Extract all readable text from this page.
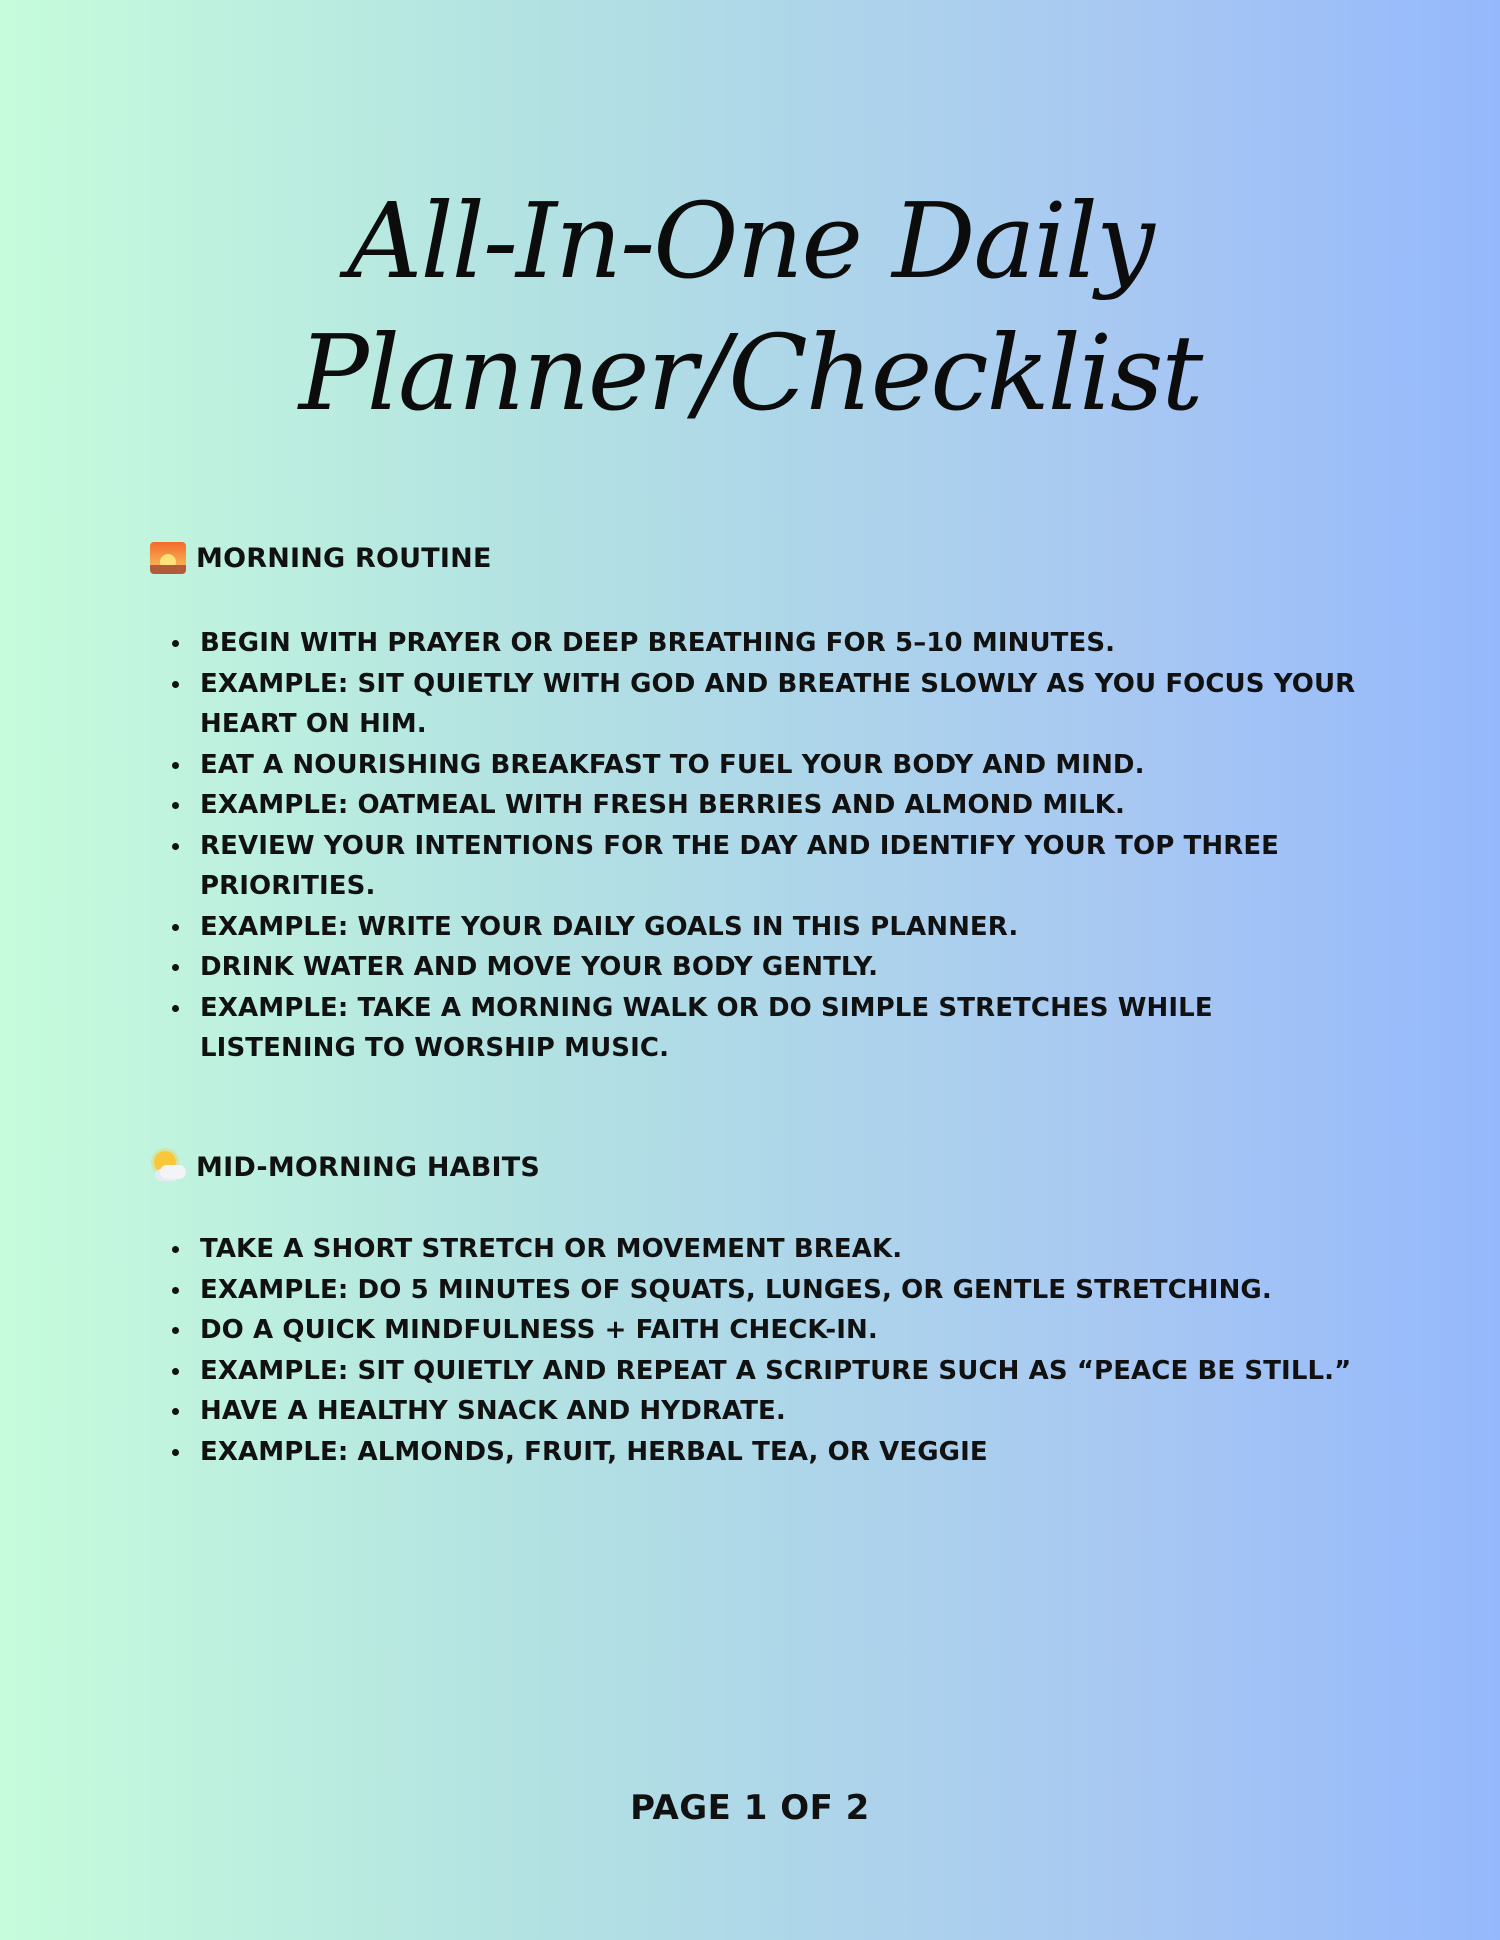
All-In-One Daily
Planner/Checklist
MORNING ROUTINE
BEGIN WITH PRAYER OR DEEP BREATHING FOR 5–10 MINUTES.
EXAMPLE: SIT QUIETLY WITH GOD AND BREATHE SLOWLY AS YOU FOCUS YOUR HEART ON HIM.
EAT A NOURISHING BREAKFAST TO FUEL YOUR BODY AND MIND.
EXAMPLE: OATMEAL WITH FRESH BERRIES AND ALMOND MILK.
REVIEW YOUR INTENTIONS FOR THE DAY AND IDENTIFY YOUR TOP THREE PRIORITIES.
EXAMPLE: WRITE YOUR DAILY GOALS IN THIS PLANNER.
DRINK WATER AND MOVE YOUR BODY GENTLY.
EXAMPLE: TAKE A MORNING WALK OR DO SIMPLE STRETCHES WHILE LISTENING TO WORSHIP MUSIC.
MID-MORNING HABITS
TAKE A SHORT STRETCH OR MOVEMENT BREAK.
EXAMPLE: DO 5 MINUTES OF SQUATS, LUNGES, OR GENTLE STRETCHING.
DO A QUICK MINDFULNESS + FAITH CHECK-IN.
EXAMPLE: SIT QUIETLY AND REPEAT A SCRIPTURE SUCH AS “PEACE BE STILL.”
HAVE A HEALTHY SNACK AND HYDRATE.
EXAMPLE: ALMONDS, FRUIT, HERBAL TEA, OR VEGGIE
PAGE 1 OF 2
